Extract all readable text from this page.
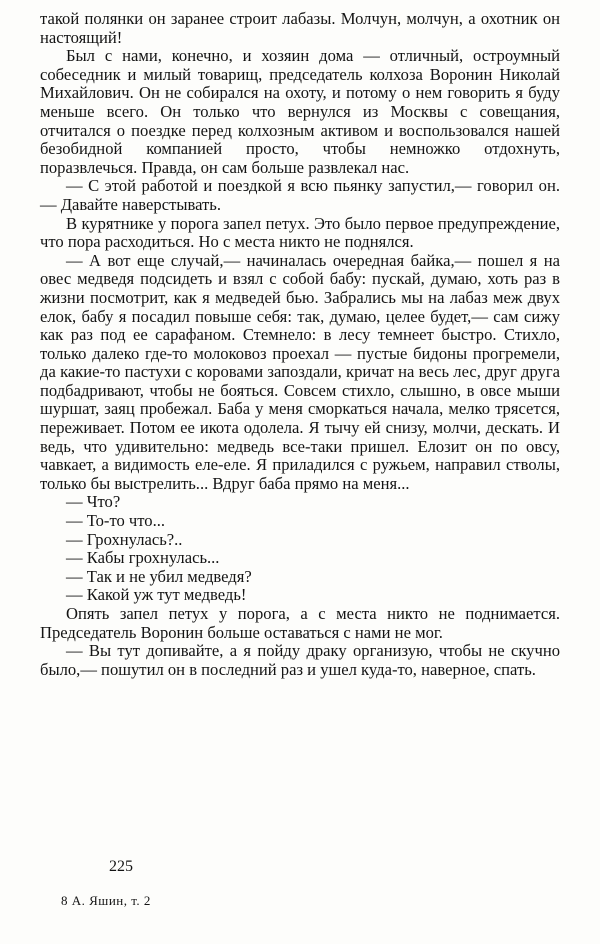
такой полянки он заранее строит лабазы. Молчун, молчун, а охотник он настоящий!

Был с нами, конечно, и хозяин дома — отличный, остроумный собеседник и милый товарищ, председатель колхоза Воронин Николай Михайлович. Он не собирался на охоту, и потому о нем говорить я буду меньше всего. Он только что вернулся из Москвы с совещания, отчитался о поездке перед колхозным активом и воспользовался нашей безобидной компанией просто, чтобы немножко отдохнуть, поразвлечься. Правда, он сам больше развлекал нас.

— С этой работой и поездкой я всю пьянку запустил,— говорил он.— Давайте наверстывать.

В курятнике у порога запел петух. Это было первое предупреждение, что пора расходиться. Но с места никто не поднялся.

— А вот еще случай,— начиналась очередная байка,— пошел я на овес медведя подсидеть и взял с собой бабу: пускай, думаю, хоть раз в жизни посмотрит, как я медведей бью. Забрались мы на лабаз меж двух елок, бабу я посадил повыше себя: так, думаю, целее будет,— сам сижу как раз под ее сарафаном. Стемнело: в лесу темнеет быстро. Стихло, только далеко где-то молоковоз проехал — пустые бидоны прогремели, да какие-то пастухи с коровами запоздали, кричат на весь лес, друг друга подбадривают, чтобы не бояться. Совсем стихло, слышно, в овсе мыши шуршат, заяц пробежал. Баба у меня сморкаться начала, мелко трясется, переживает. Потом ее икота одолела. Я тычу ей снизу, молчи, дескать. И ведь, что удивительно: медведь все-таки пришел. Елозит он по овсу, чавкает, а видимость еле-еле. Я приладился с ружьем, направил стволы, только бы выстрелить... Вдруг баба прямо на меня...

— Что?

— То-то что...

— Грохнулась?..

— Кабы грохнулась...

— Так и не убил медведя?

— Какой уж тут медведь!

Опять запел петух у порога, а с места никто не поднимается. Председатель Воронин больше оставаться с нами не мог.

— Вы тут допивайте, а я пойду драку организую, чтобы не скучно было,— пошутил он в последний раз и ушел куда-то, наверное, спать.

225
8 А. Яшин, т. 2
